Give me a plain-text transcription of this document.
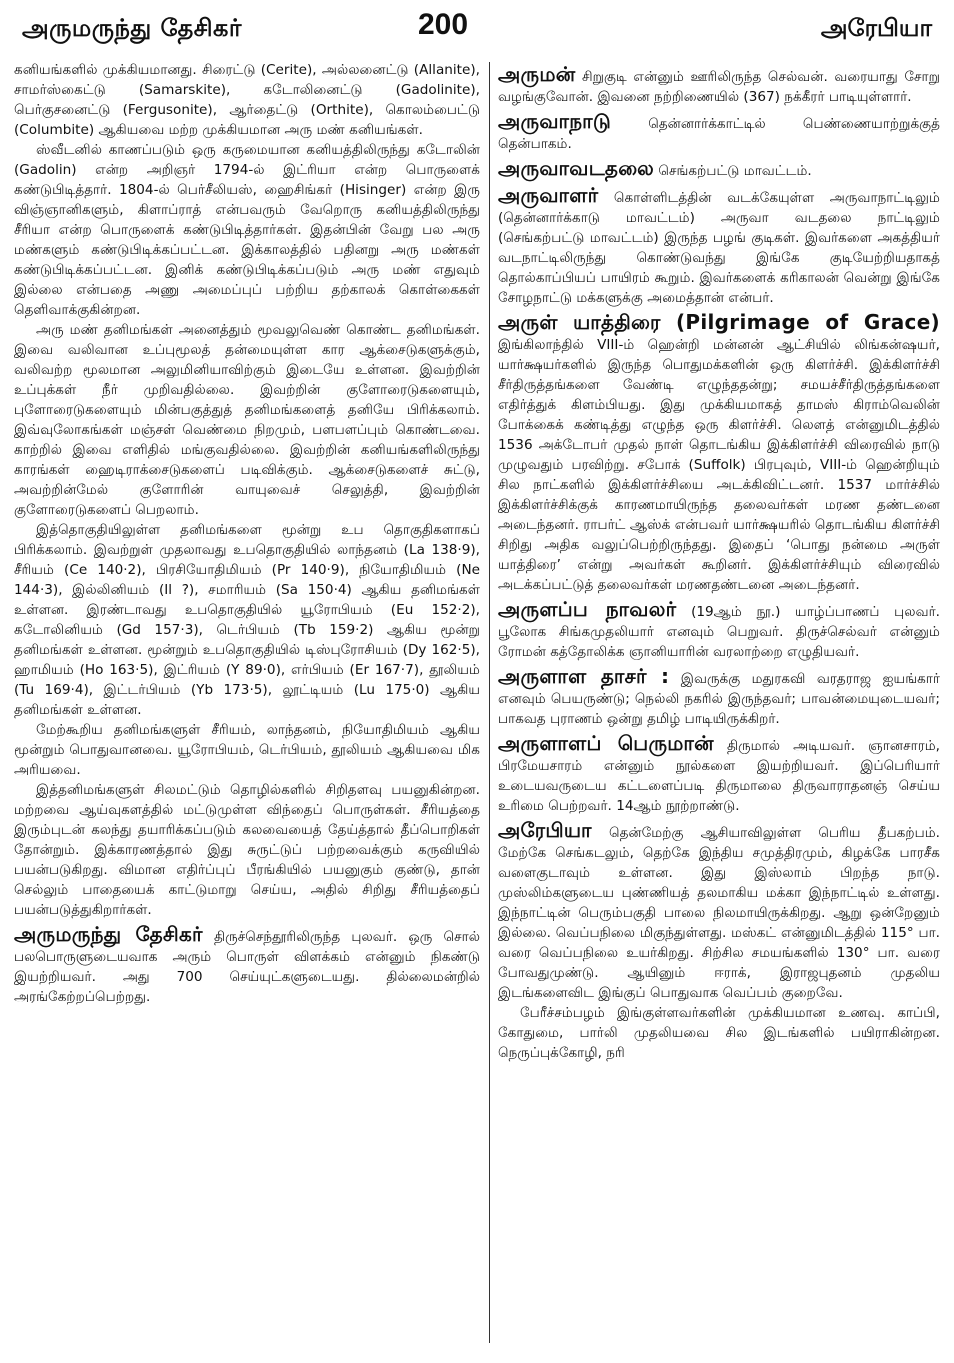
அருமருந்து தேசிகர்	200	அரேபியா

கனியங்களில் முக்கியமானது. சிரைட்டு (Cerite), அல்லனைட்டு (Allanite), சாமர்ஸ்கைட்டு (Samarskite), கடோலினைட்டு (Gadolinite), பெர்குசனைட்டு (Fergusonite), ஆர்தைட்டு (Orthite), கொலம்பைட்டு (Columbite) ஆகியவை மற்ற முக்கியமான அரு மண் கனியங்கள்.

ஸ்வீடனில் காணப்படும் ஒரு கருமையான கனியத்திலிருந்து கடோலின் (Gadolin) என்ற அறிஞர் 1794-ல் இட்ரியா என்ற பொருளைக் கண்டுபிடித்தார். 1804-ல் பெர்சீலியஸ், ஹைசிங்கர் (Hisinger) என்ற இரு விஞ்ஞானிகளும், கிளாப்ராத் என்பவரும் வேறொரு கனியத்திலிருந்து சீரியா என்ற பொருளைக் கண்டுபிடித்தார்கள். இதன்பின் வேறு பல அரு மண்களும் கண்டுபிடிக்கப்பட்டன. இக்காலத்தில் பதினறு அரு மண்கள் கண்டுபிடிக்கப்பட்டன. இனிக் கண்டுபிடிக்கப்படும் அரு மண் எதுவும் இல்லை என்பதை அணு அமைப்புப் பற்றிய தற்காலக் கொள்கைகள் தெளிவாக்குகின்றன.

அரு மண் தனிமங்கள் அனைத்தும் மூவலுவெண் கொண்ட தனிமங்கள். இவை வலிவான உப்புமூலத் தன்மையுள்ள கார ஆக்சைடுகளுக்கும், வலிவற்ற மூலமான அலுமினியாவிற்கும் இடையே உள்ளன. இவற்றின் உப்புக்கள் நீர் முறிவதில்லை. இவற்றின் குளோரைடுகளையும், புளோரைடுகளையும் மின்பகுத்துத் தனிமங்களைத் தனியே பிரிக்கலாம். இவ்வுலோகங்கள் மஞ்சள் வெண்மை நிறமும், பளபளப்பும் கொண்டவை. காற்றில் இவை எளிதில் மங்குவதில்லை. இவற்றின் கனியங்களிலிருந்து காரங்கள் ஹைடிராக்சைடுகளைப் படிவிக்கும். ஆக்சைடுகளைச் சுட்டு, அவற்றின்மேல் குளோரின் வாயுவைச் செலுத்தி, இவற்றின் குளோரைடுகளைப் பெறலாம்.

இத்தொகுதியிலுள்ள தனிமங்களை மூன்று உப தொகுதிகளாகப் பிரிக்கலாம். இவற்றுள் முதலாவது உபதொகுதியில் லாந்தனம் (La 138·9), சீரியம் (Ce 140·2), பிரசியோதிமியம் (Pr 140·9), நியோதிமியம் (Ne 144·3), இல்லினியம் (Il ?), சமாரியம் (Sa 150·4) ஆகிய தனிமங்கள் உள்ளன. இரண்டாவது உபதொகுதியில் யூரோபியம் (Eu 152·2), கடோலினியம் (Gd 157·3), டெர்பியம் (Tb 159·2) ஆகிய மூன்று தனிமங்கள் உள்ளன. மூன்றும் உபதொகுதியில் டிஸ்புரோசியம் (Dy 162·5), ஹாமியம் (Ho 163·5), இட்ரியம் (Y 89·0), எர்பியம் (Er 167·7), தூலியம் (Tu 169·4), இட்டர்பியம் (Yb 173·5), லூட்டியம் (Lu 175·0) ஆகிய தனிமங்கள் உள்ளன.

மேற்கூறிய தனிமங்களுள் சீரியம், லாந்தனம், நியோதிமியம் ஆகிய மூன்றும் பொதுவானவை. யூரோபியம், டெர்பியம், தூலியம் ஆகியவை மிக அரியவை.

இத்தனிமங்களுள் சிலமட்டும் தொழில்களில் சிறிதளவு பயனுகின்றன. மற்றவை ஆய்வுகளத்தில் மட்டுமுள்ள விந்தைப் பொருள்கள். சீரியத்தை இரும்புடன் கலந்து தயாரிக்கப்படும் கலவையைத் தேய்த்தால் தீப்பொறிகள் தோன்றும். இக்காரணத்தால் இது சுருட்டுப் பற்றவைக்கும் கருவியில் பயன்படுகிறது. விமான எதிர்ப்புப் பீரங்கியில் பயனுகும் குண்டு, தான் செல்லும் பாதையைக் காட்டுமாறு செய்ய, அதில் சிறிது சீரியத்தைப் பயன்படுத்துகிறார்கள்.

அருமருந்து தேசிகர் திருச்செந்தூரிலிருந்த புலவர். ஒரு சொல் பலபொருளுடையவாக அரும் பொருள் விளக்கம் என்னும் நிகண்டு இயற்றியவர். அது 700 செய்யுட்களுடையது. தில்லைமன்றில் அரங்கேற்றப்பெற்றது.

அருமன் சிறுகுடி என்னும் ஊரிலிருந்த செல்வன். வரையாது சோறு வழங்குவோன். இவனை நற்றிணையில் (367) நக்கீரர் பாடியுள்ளார்.

அருவாநாடு	தென்னார்க்காட்டில் பெண்ணையாற்றுக்குத் தென்பாகம்.

அருவாவடதலை செங்கற்பட்டு மாவட்டம்.

அருவாளர் கொள்ளிடத்தின் வடக்கேயுள்ள அருவாநாட்டிலும் (தென்னார்க்காடு மாவட்டம்) அருவா வடதலை நாட்டிலும் (செங்கற்பட்டு மாவட்டம்) இருந்த பழங் குடிகள். இவர்களை அகத்தியர் வடநாட்டிலிருந்து கொண்டுவந்து இங்கே குடியேற்றியதாகத் தொல்காப்பியப் பாயிரம் கூறும். இவர்களைக் கரிகாலன் வென்று இங்கே சோழநாட்டு மக்களுக்கு அமைத்தான் என்பர்.

அருள் யாத்திரை (Pilgrimage of Grace) இங்கிலாந்தில் VIII-ம் ஹென்றி மன்னன் ஆட்சியில் லிங்கன்ஷயர், யார்க்ஷயர்களில் இருந்த பொதுமக்களின் ஒரு கிளர்ச்சி. இக்கிளர்ச்சி சீர்திருத்தங்களை வேண்டி எழுந்ததன்று; சமயச்சீர்திருத்தங்களை எதிர்த்துக் கிளம்பியது. இது முக்கியமாகத் தாமஸ் கிராம்வெலின் போக்கைக் கண்டித்து எழுந்த ஒரு கிளர்ச்சி. லௌத் என்னுமிடத்தில் 1536 அக்டோபர் முதல் நாள் தொடங்கிய இக்கிளர்ச்சி விரைவில் நாடு முழுவதும் பரவிற்று. சபோக் (Suffolk) பிரபுவும், VIII-ம் ஹென்றியும் சில நாட்களில் இக்கிளர்ச்சியை அடக்கிவிட்டனர். 1537 மார்ச்சில் இக்கிளர்ச்சிக்குக் காரணமாயிருந்த தலைவர்கள் மரண தண்டனை அடைந்தனர். ராபர்ட் ஆஸ்க் என்பவர் யார்க்ஷயரில் தொடங்கிய கிளர்ச்சி சிறிது அதிக வலுப்பெற்றிருந்தது. இதைப் ‘பொது நன்மை அருள் யாத்திரை’ என்று அவர்கள் கூறினர். இக்கிளர்ச்சியும் விரைவில் அடக்கப்பட்டுத் தலைவர்கள் மரணதண்டனை அடைந்தனர்.

அருளப்ப நாவலர் (19ஆம் நூ.) யாழ்ப்பாணப் புலவர். பூலோக சிங்கமுதலியார் எனவும் பெறுவர். திருச்செல்வர் என்னும் ரோமன் கத்தோலிக்க ஞானியாரின் வரலாற்றை எழுதியவர்.

அருளாள தாசர் : இவருக்கு மதுரகவி வரதராஜ ஐயங்கார் எனவும் பெயருண்டு; நெல்லி நகரில் இருந்தவர்; பாவன்மையுடையவர்; பாகவத புராணம் ஒன்று தமிழ் பாடியிருக்கிறர்.

அருளாளப் பெருமான் திருமால் அடியவர். ஞானசாரம், பிரமேயசாரம் என்னும் நூல்களை இயற்றியவர். இப்பெரியார் உடையவருடைய கட்டளைப்படி திருமாலை திருவாராதனஞ் செய்ய உரிமை பெற்றவர். 14ஆம் நூற்றாண்டு.

அரேபியா தென்மேற்கு ஆசியாவிலுள்ள பெரிய தீபகற்பம். மேற்கே செங்கடலும், தெற்கே இந்திய சமுத்திரமும், கிழக்கே பாரசீக வளைகுடாவும் உள்ளன. இது இஸ்லாம் பிறந்த நாடு. முஸ்லிம்களுடைய புண்ணியத் தலமாகிய மக்கா இந்நாட்டில் உள்ளது. இந்நாட்டின் பெரும்பகுதி பாலை நிலமாயிருக்கிறது. ஆறு ஒன்றேனும் இல்லை. வெப்பநிலை மிகுந்துள்ளது. மஸ்கட் என்னுமிடத்தில் 115° பா. வரை வெப்பநிலை உயர்கிறது. சிற்சில சமயங்களில் 130° பா. வரை போவதுமுண்டு. ஆயினும் ஈராக், இராஜபுதனம் முதலிய இடங்களைவிட இங்குப் பொதுவாக வெப்பம் குறைவே.

பேரீச்சம்பழம் இங்குள்ளவர்களின் முக்கியமான உணவு. காப்பி, கோதுமை, பார்லி முதலியவை சில இடங்களில் பயிராகின்றன. நெருப்புக்கோழி, நரி
